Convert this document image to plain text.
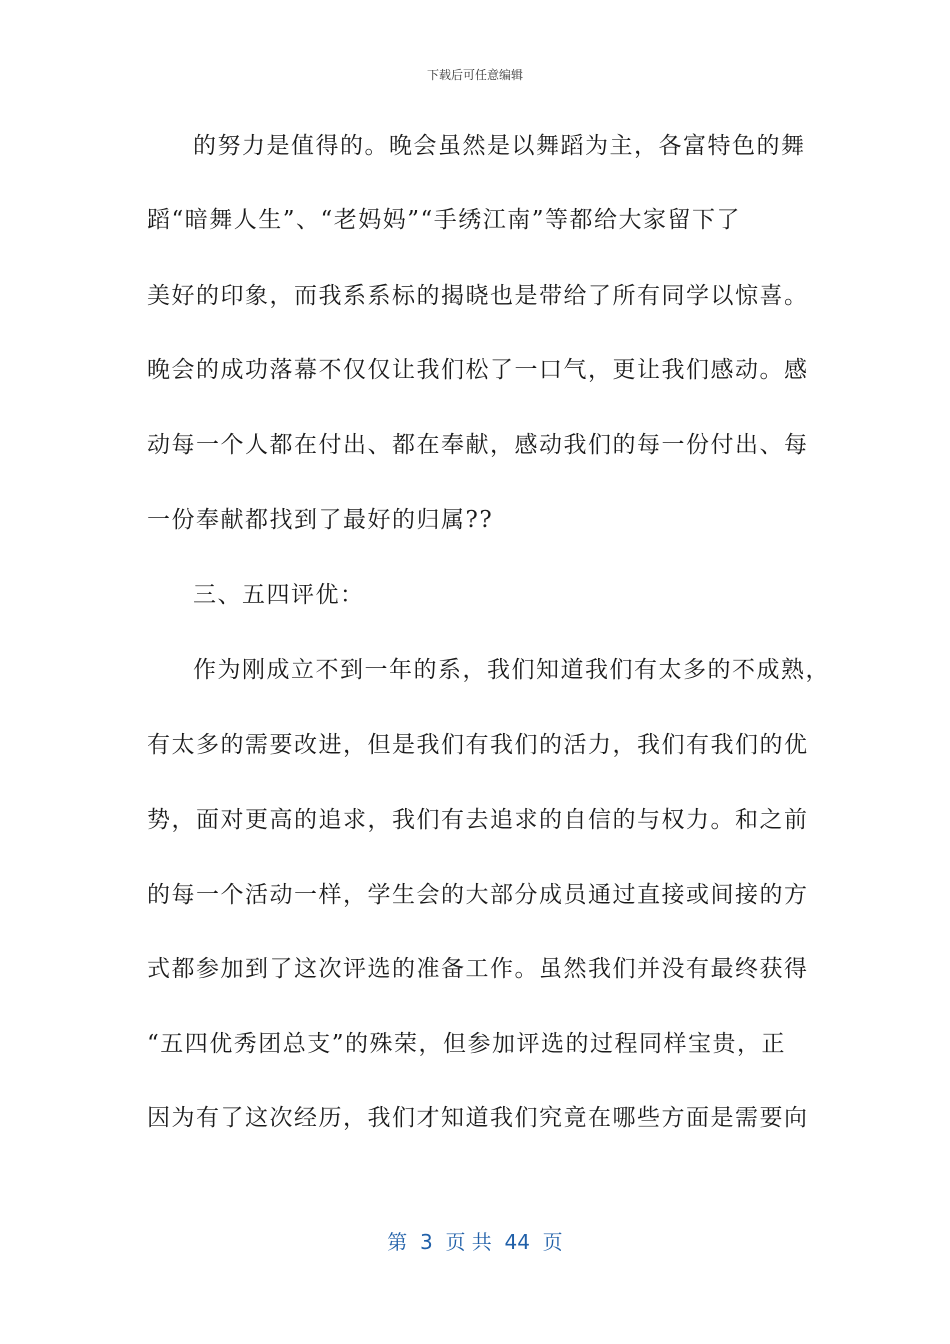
下载后可任意编辑
的努力是值得的。晚会虽然是以舞蹈为主，各富特色的舞
蹈“暗舞人生”、“老妈妈”“手绣江南”等都给大家留下了
美好的印象，而我系系标的揭晓也是带给了所有同学以惊喜。
晚会的成功落幕不仅仅让我们松了一口气，更让我们感动。感
动每一个人都在付出、都在奉献，感动我们的每一份付出、每
一份奉献都找到了最好的归属??
三、五四评优：
作为刚成立不到一年的系，我们知道我们有太多的不成熟，
有太多的需要改进，但是我们有我们的活力，我们有我们的优
势，面对更高的追求，我们有去追求的自信的与权力。和之前
的每一个活动一样，学生会的大部分成员通过直接或间接的方
式都参加到了这次评选的准备工作。虽然我们并没有最终获得
“五四优秀团总支”的殊荣，但参加评选的过程同样宝贵，正
因为有了这次经历，我们才知道我们究竟在哪些方面是需要向
第  3  页 共  44  页
